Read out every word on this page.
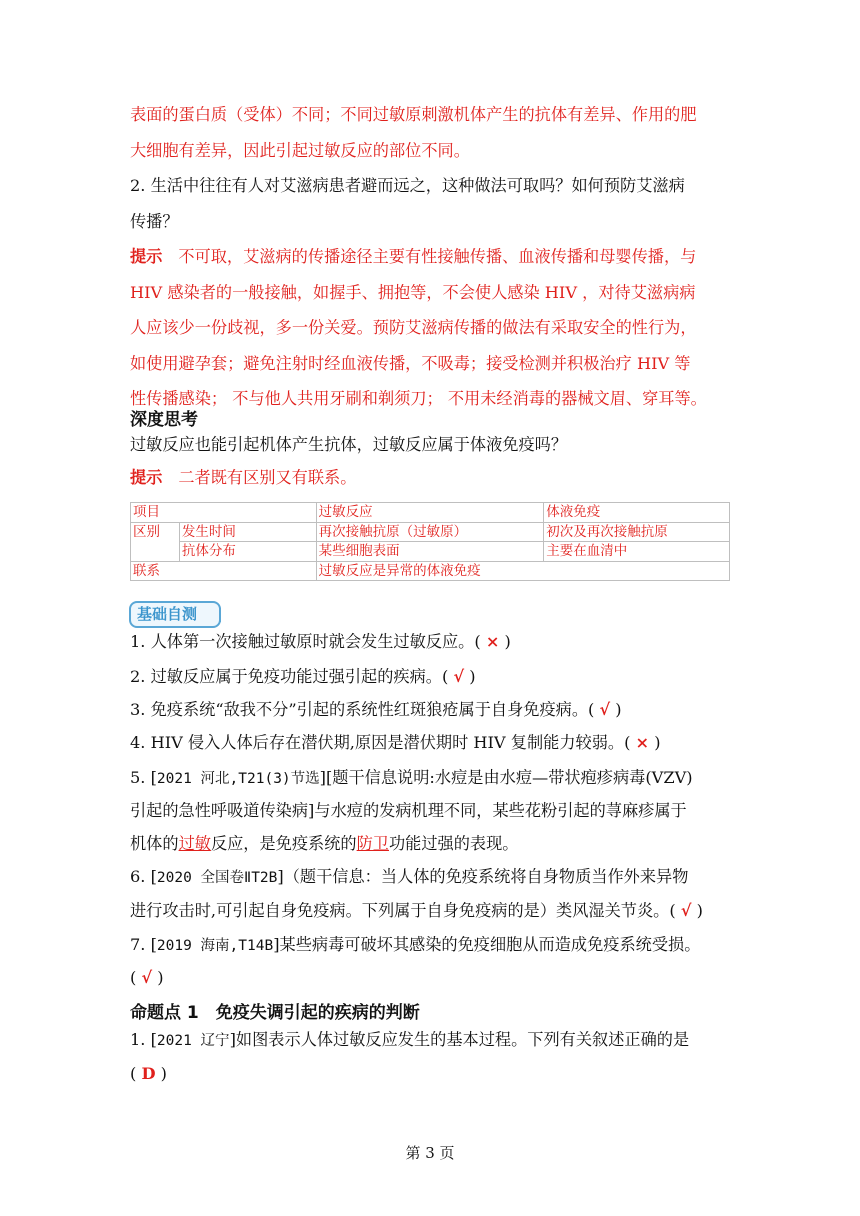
表面的蛋白质（受体）不同；不同过敏原刺激机体产生的抗体有差异、作用的肥
大细胞有差异，因此引起过敏反应的部位不同。
2. 生活中往往有人对艾滋病患者避而远之，这种做法可取吗？如何预防艾滋病
传播？
提示 不可取，艾滋病的传播途径主要有性接触传播、血液传播和母婴传播，与
HIV 感染者的一般接触，如握手、拥抱等，不会使人感染 HIV ，对待艾滋病病
人应该少一份歧视，多一份关爱。预防艾滋病传播的做法有采取安全的性行为，
如使用避孕套；避免注射时经血液传播，不吸毒；接受检测并积极治疗 HIV 等
性传播感染； 不与他人共用牙刷和剃须刀； 不用未经消毒的器械文眉、穿耳等。
深度思考
过敏反应也能引起机体产生抗体，过敏反应属于体液免疫吗？
提示 二者既有区别又有联系。
项目		过敏反应	体液免疫
区别	发生时间	再次接触抗原（过敏原）	初次及再次接触抗原
	抗体分布	某些细胞表面	主要在血清中
联系		过敏反应是异常的体液免疫	
基础自测
1. 人体第一次接触过敏原时就会发生过敏反应。( × )
2. 过敏反应属于免疫功能过强引起的疾病。( √ )
3. 免疫系统“敌我不分”引起的系统性红斑狼疮属于自身免疫病。( √ )
4. HIV 侵入人体后存在潜伏期,原因是潜伏期时 HIV 复制能力较弱。( × )
5. [2021 河北,T21(3)节选][题干信息说明:水痘是由水痘—带状疱疹病毒(VZV)
引起的急性呼吸道传染病]与水痘的发病机理不同，某些花粉引起的荨麻疹属于
机体的过敏反应，是免疫系统的防卫功能过强的表现。
6. [2020 全国卷ⅡT2B]（题干信息：当人体的免疫系统将自身物质当作外来异物
进行攻击时,可引起自身免疫病。下列属于自身免疫病的是）类风湿关节炎。( √ )
7. [2019 海南,T14B]某些病毒可破坏其感染的免疫细胞从而造成免疫系统受损。
( √ )
命题点 1　免疫失调引起的疾病的判断
1. [2021 辽宁]如图表示人体过敏反应发生的基本过程。下列有关叙述正确的是
( D )
第 3 页
